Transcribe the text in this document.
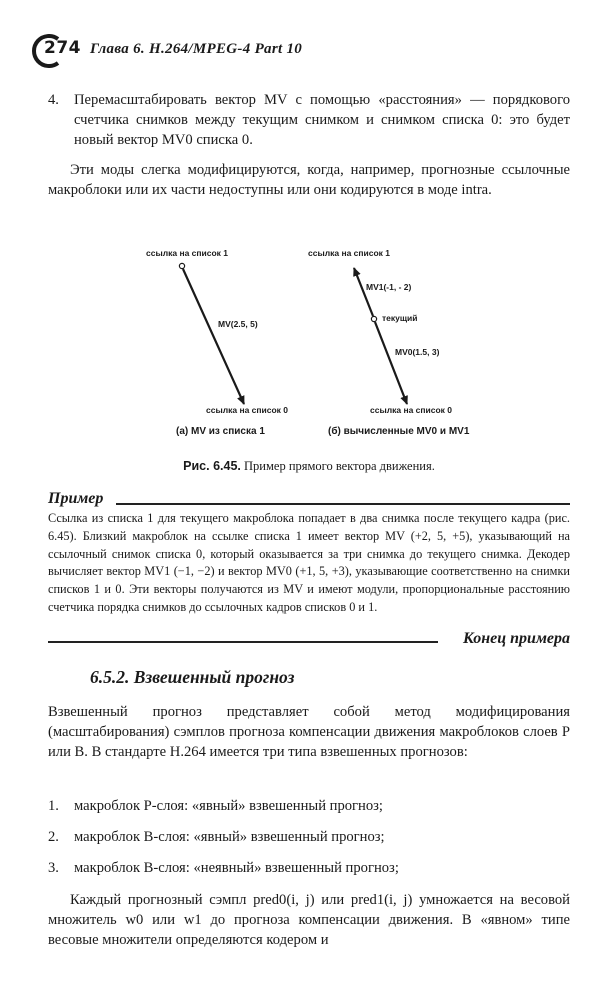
274 Глава 6. H.264/MPEG-4 Part 10
4. Перемасштабировать вектор MV с помощью «расстояния» — порядкового счетчика снимков между текущим снимком и снимком списка 0: это будет новый вектор MV0 списка 0.

Эти моды слегка модифицируются, когда, например, прогнозные ссылочные макроблоки или их части недоступны или они кодируются в моде intra.

ссылка на список 1
MV(2.5, 5)
ссылка на список 0
(а) MV из списка 1
ссылка на список 1
MV1(-1, - 2)
текущий
MV0(1.5, 3)
ссылка на список 0
(б) вычисленные MV0 и MV1
Рис. 6.45. Пример прямого вектора движения.
Пример

Ссылка из списка 1 для текущего макроблока попадает в два снимка после текущего кадра (рис. 6.45). Близкий макроблок на ссылке списка 1 имеет вектор MV (+2, 5, +5), указывающий на ссылочный снимок списка 0, который оказывается за три снимка до текущего снимка. Декодер вычисляет вектор MV1 (−1, −2) и вектор MV0 (+1, 5, +3), указывающие соответственно на снимки списков 1 и 0. Эти векторы получаются из MV и имеют модули, пропорциональные расстоянию счетчика порядка снимков до ссылочных кадров списков 0 и 1.

Конец примера
6.5.2. Взвешенный прогноз

Взвешенный прогноз представляет собой метод модифицирования (масштабирования) сэмплов прогноза компенсации движения макроблоков слоев P или B. В стандарте H.264 имеется три типа взвешенных прогнозов:

1. макроблок P-слоя: «явный» взвешенный прогноз;
2. макроблок B-слоя: «явный» взвешенный прогноз;
3. макроблок B-слоя: «неявный» взвешенный прогноз;

Каждый прогнозный сэмпл pred0(i, j) или pred1(i, j) умножается на весовой множитель w0 или w1 до прогноза компенсации движения. В «явном» типе весовые множители определяются кодером и
